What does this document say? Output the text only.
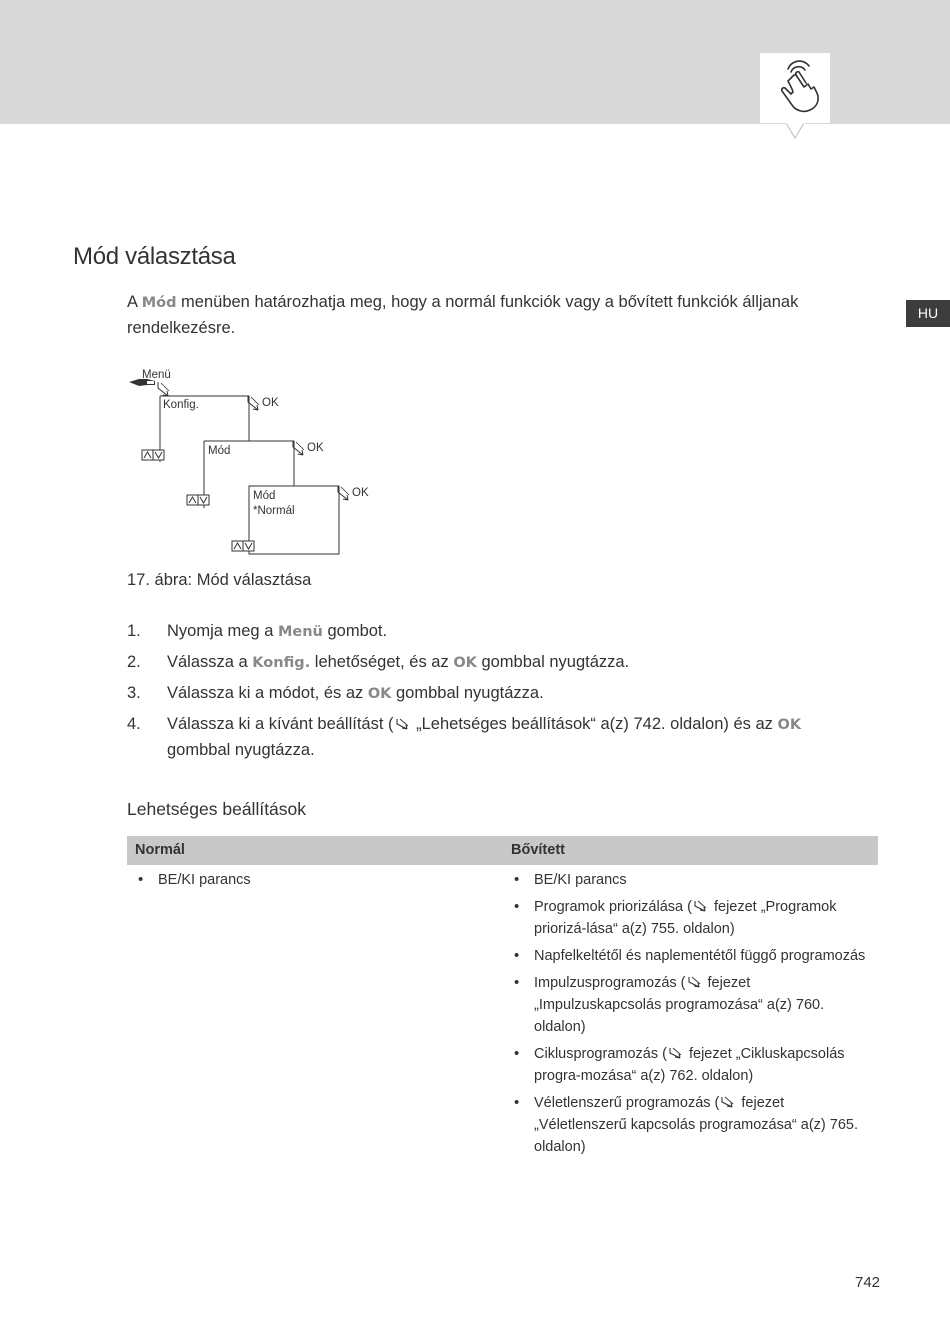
HU
Mód választása

A Mód menüben határozhatja meg, hogy a normál funkciók vagy a bővített funkciók álljanak rendelkezésre.

Menü
Konfig.	OK
Mód	OK
Mód
*Normál
OK

17. ábra: Mód választása

1. Nyomja meg a Menü gombot.
2. Válassza a Konfig. lehetőséget, és az OK gombbal nyugtázza.
3. Válassza ki a módot, és az OK gombbal nyugtázza.
4. Válassza ki a kívánt beállítást ( „Lehetséges beállítások“ a(z) 742. oldalon) és az OK gombbal nyugtázza.
Lehetséges beállítások
Normál	Bővített
• BE/KI parancs
•	BE/KI parancs
• Programok priorizálása ( fejezet „Programok priorizá-lása“ a(z) 755. oldalon)
• Napfelkeltétől és naplementétől függő programozás
• Impulzusprogramozás ( fejezet „Impulzuskapcsolás programozása“ a(z) 760. oldalon)
• Ciklusprogramozás ( fejezet „Cikluskapcsolás progra-mozása“ a(z) 762. oldalon)
• Véletlenszerű programozás ( fejezet „Véletlenszerű kapcsolás programozása“ a(z) 765. oldalon)
742
